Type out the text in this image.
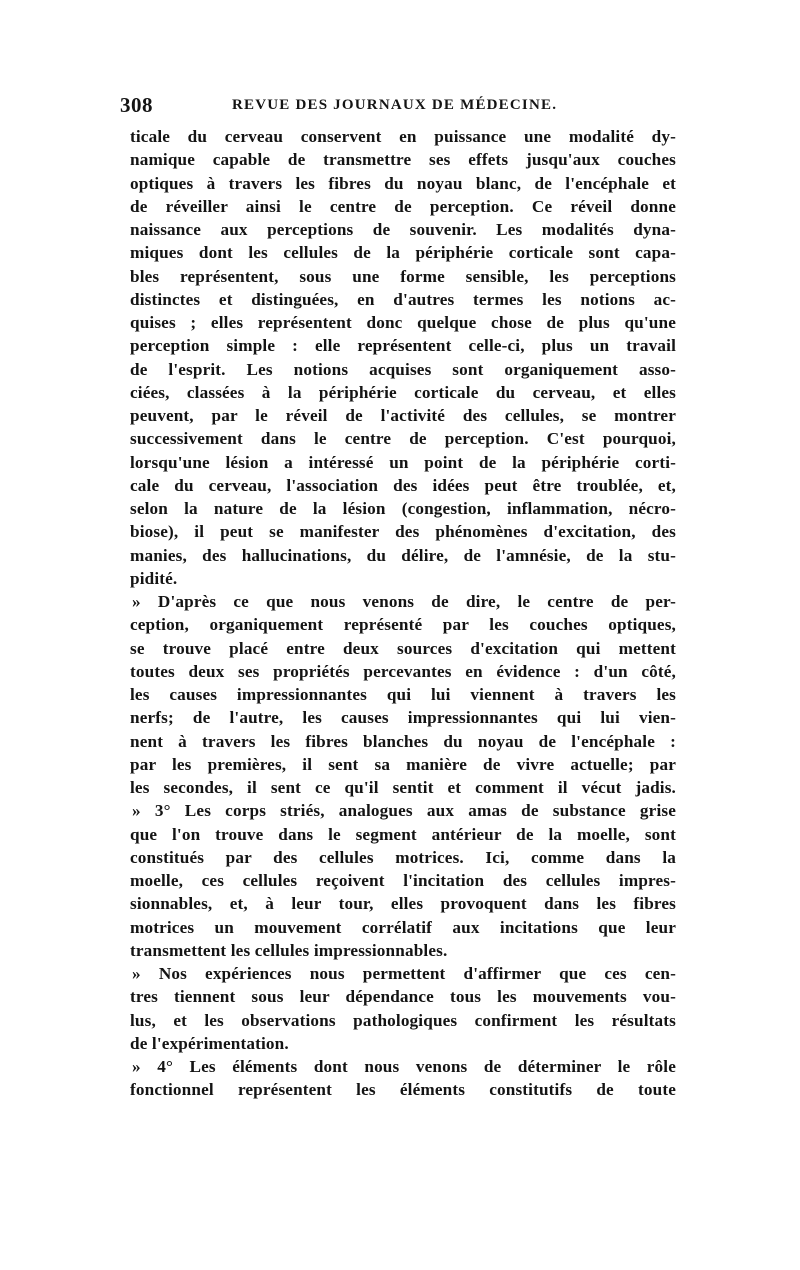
308	REVUE DES JOURNAUX DE MÉDECINE.
ticale du cerveau conservent en puissance une modalité dy-
namique capable de transmettre ses effets jusqu'aux couches
optiques à travers les fibres du noyau blanc, de l'encéphale et
de réveiller ainsi le centre de perception. Ce réveil donne
naissance aux perceptions de souvenir. Les modalités dyna-
miques dont les cellules de la périphérie corticale sont capa-
bles représentent, sous une forme sensible, les perceptions
distinctes et distinguées, en d'autres termes les notions ac-
quises ; elles représentent donc quelque chose de plus qu'une
perception simple : elle représentent celle-ci, plus un travail
de l'esprit. Les notions acquises sont organiquement asso-
ciées, classées à la périphérie corticale du cerveau, et elles
peuvent, par le réveil de l'activité des cellules, se montrer
successivement dans le centre de perception. C'est pourquoi,
lorsqu'une lésion a intéressé un point de la périphérie corti-
cale du cerveau, l'association des idées peut être troublée, et,
selon la nature de la lésion (congestion, inflammation, nécro-
biose), il peut se manifester des phénomènes d'excitation, des
manies, des hallucinations, du délire, de l'amnésie, de la stu-
pidité.
» D'après ce que nous venons de dire, le centre de per-
ception, organiquement représenté par les couches optiques,
se trouve placé entre deux sources d'excitation qui mettent
toutes deux ses propriétés percevantes en évidence : d'un côté,
les causes impressionnantes qui lui viennent à travers les
nerfs; de l'autre, les causes impressionnantes qui lui vien-
nent à travers les fibres blanches du noyau de l'encéphale :
par les premières, il sent sa manière de vivre actuelle; par
les secondes, il sent ce qu'il sentit et comment il vécut jadis.
» 3° Les corps striés, analogues aux amas de substance grise
que l'on trouve dans le segment antérieur de la moelle, sont
constitués par des cellules motrices. Ici, comme dans la
moelle, ces cellules reçoivent l'incitation des cellules impres-
sionnables, et, à leur tour, elles provoquent dans les fibres
motrices un mouvement corrélatif aux incitations que leur
transmettent les cellules impressionnables.
» Nos expériences nous permettent d'affirmer que ces cen-
tres tiennent sous leur dépendance tous les mouvements vou-
lus, et les observations pathologiques confirment les résultats
de l'expérimentation.
» 4° Les éléments dont nous venons de déterminer le rôle
fonctionnel représentent les éléments constitutifs de toute
